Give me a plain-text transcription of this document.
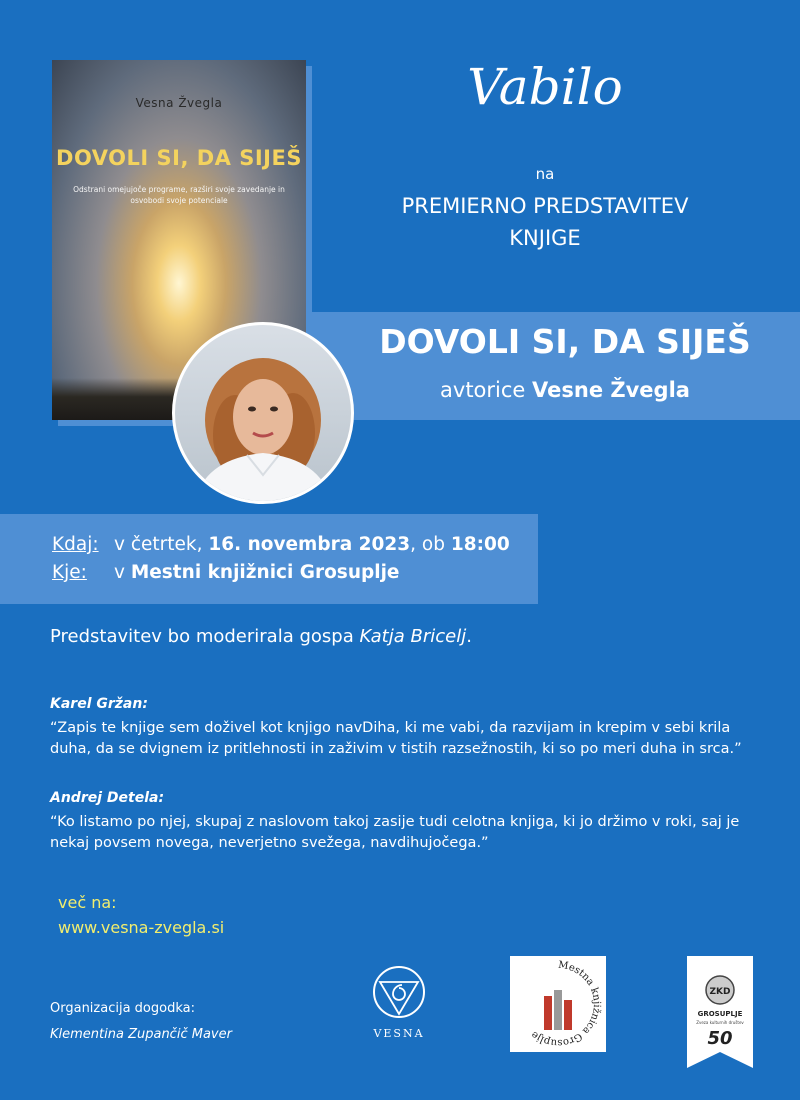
Vesna Žvegla
DOVOLI SI, DA SIJEŠ
Odstrani omejujoče programe, razširi svoje zavedanje in osvobodi svoje potenciale
Vabilo
na
PREMIERNO PREDSTAVITEV
KNJIGE
DOVOLI SI, DA SIJEŠ
avtorice Vesne Žvegla
Kdaj: v četrtek, 16. novembra 2023, ob 18:00
Kje: v Mestni knjižnici Grosuplje
Predstavitev bo moderirala gospa Katja Bricelj.
Karel Gržan:
“Zapis te knjige sem doživel kot knjigo navDiha, ki me vabi, da razvijam in krepim v sebi krila duha, da se dvignem iz pritlehnosti in zaživim v tistih razsežnostih, ki so po meri duha in srca.”
Andrej Detela:
“Ko listamo po njej, skupaj z naslovom takoj zasije tudi celotna knjiga, ki jo držimo v roki, saj je nekaj povsem novega, neverjetno svežega, navdihujočega.”
več na:
www.vesna-zvegla.si
Organizacija dogodka:
Klementina Zupančič Maver	VESNA
Mestna knjižnica Grosuplje
ZKD
GROSUPLJE
Zveza kulturnih društev
50
